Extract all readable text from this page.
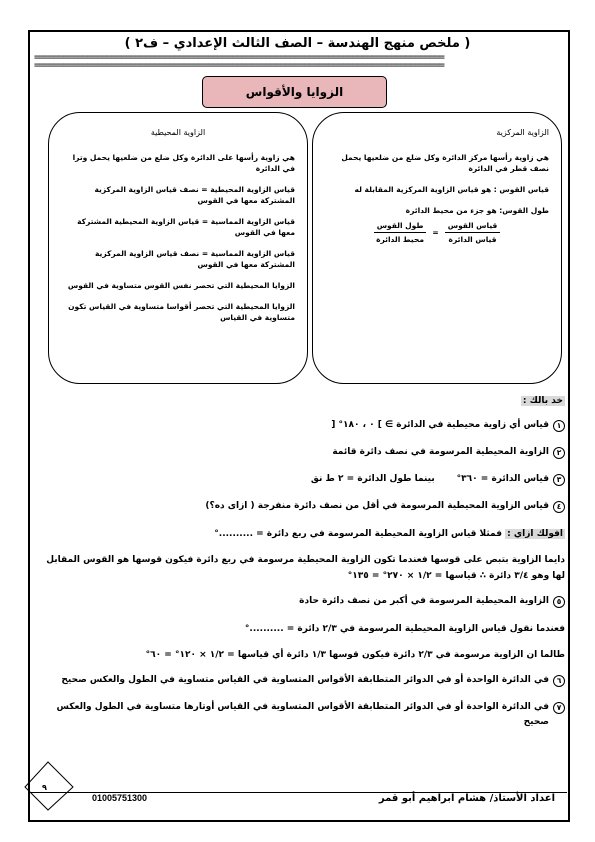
( ملخص منهج الهندسة – الصف الثالث الإعدادي – ف٢ )
=====================================================================================
=====================================================================================
الزوايا والأقواس
الزاوية المركزية

هي زاوية رأسها مركز الدائرة وكل ضلع من ضلعيها يحمل نصف قطر في الدائرة

قياس القوس : هو قياس الزاوية المركزية المقابلة له

طول القوس: هو جزء من محيط الدائرة

$\frac{\text{قياس القوس}}{\text{قياس الدائرة}}$
=
$\frac{\text{طول القوس}}{\text{محيط الدائرة}}$
الزاوية المحيطية

هي زاوية رأسها على الدائرة وكل ضلع من ضلعيها يحمل وترا في الدائرة

قياس الزاوية المحيطية = نصف قياس الزاوية المركزية المشتركة معها في القوس

قياس الزاوية المماسية = قياس الزاوية المحيطية المشتركة معها في القوس

قياس الزاوية المماسية = نصف قياس الزاوية المركزية المشتركة معها في القوس

الزوايا المحيطية التي تحصر نفس القوس متساوية في القوس

الزوايا المحيطية التي تحصر أقواسا متساوية في القياس تكون متساوية في القياس

خد بالك :
١
قياس أي زاوية محيطية في الدائرة ∋ ] ٠ ، ١٨٠° [
٢
الزاوية المحيطية المرسومة في نصف دائرة قائمة
٣
قياس الدائرة = ٣٦٠°       بينما طول الدائرة = ٢ ط نق
٤
قياس الزاوية المحيطية المرسومة في أقل من نصف دائرة منفرجة ( ازاى ده؟)
افولك ازاي : فمثلا قياس الزاوية المحيطية المرسومة في ربع دائرة = ..........°
دايما الزاوية بتبص على قوسها فعندما تكون الزاوية المحيطية مرسومة في ربع دائرة فيكون قوسها هو القوس المقابل لها وهو ٣/٤ دائرة ∴ قياسها = ١/٢ × ٢٧٠° = ١٣٥°
٥
الزاوية المحيطية المرسومة في أكبر من نصف دائرة حادة
فعندما نقول قياس الزاوية المحيطية المرسومة في ٢/٣ دائرة = ..........°
طالما ان الزاوية مرسومة في ٢/٣ دائرة فيكون قوسها ١/٣ دائرة أي قياسها = ١/٢ × ١٢٠° = ٦٠°
٦
في الدائرة الواحدة أو في الدوائر المتطابقة الأقواس المتساوية في القياس متساوية في الطول والعكس صحيح
٧
في الدائرة الواحدة أو في الدوائر المتطابقة الأقواس المتساوية في القياس أوتارها متساوية في الطول والعكس صحيح
اعداد الأستاذ/ هشام ابراهيم أبو قمر
01005751300
٩
